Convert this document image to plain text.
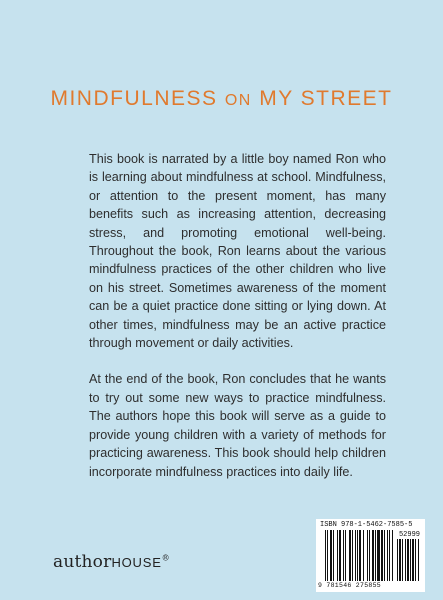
MINDFULNESS ON MY STREET

This book is narrated by a little boy named Ron who is learning about mindfulness at school. Mindfulness, or attention to the present moment, has many benefits such as increasing attention, decreasing stress, and promoting emotional well-being. Throughout the book, Ron learns about the various mindfulness practices of the other children who live on his street. Sometimes awareness of the moment can be a quiet practice done sitting or lying down. At other times, mindfulness may be an active practice through movement or daily activities.

At the end of the book, Ron concludes that he wants to try out some new ways to practice mindfulness. The authors hope this book will serve as a guide to provide young children with a variety of methods for practicing awareness. This book should help children incorporate mindfulness practices into daily life.

authorHOUSE®
ISBN 978-1-5462-7585-5
52999
9 781546 275855
